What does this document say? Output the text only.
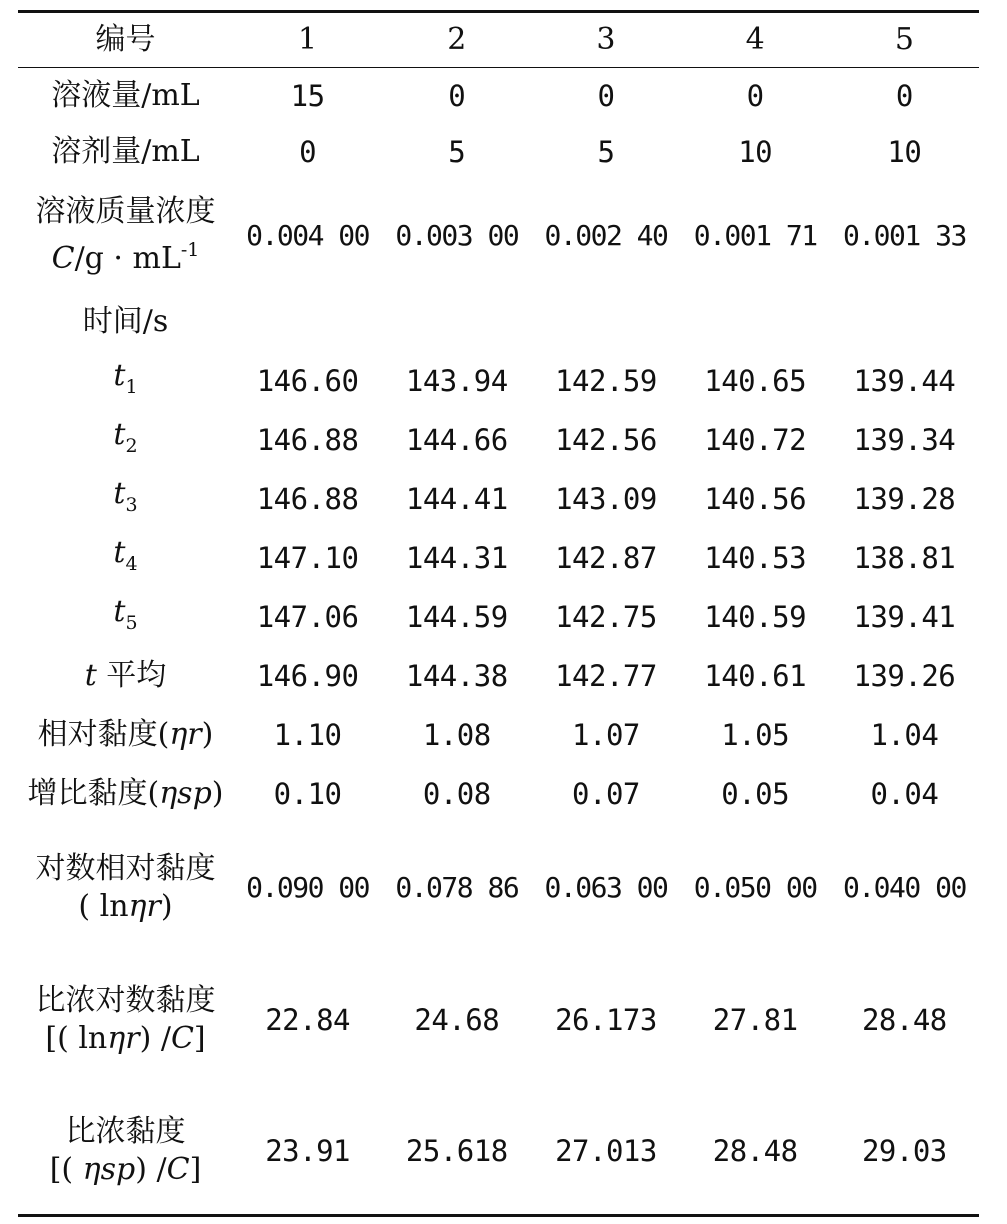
编号	1	2	3	4	5
溶液量/mL	15	0	0	0	0
溶剂量/mL	0	5	5	10	10

溶液质量浓度
$C/g \cdot mL^{-1}$	0.004 00	0.003 00	0.002 40	0.001 71	0.001 33
时间/s					
$t_1$	146.60	143.94	142.59	140.65	139.44
$t_2$	146.88	144.66	142.56	140.72	139.34
$t_3$	146.88	144.41	143.09	140.56	139.28
$t_4$	147.10	144.31	142.87	140.53	138.81
$t_5$	147.06	144.59	142.75	140.59	139.41
t 平均	146.90	144.38	142.77	140.61	139.26
相对黏度(ηr)	1.10	1.08	1.07	1.05	1.04
增比黏度(ηsp)	0.10	0.08	0.07	0.05	0.04

对数相对黏度
( lnηr)	0.090 00	0.078 86	0.063 00	0.050 00	0.040 00

比浓对数黏度
[( lnηr) /C]	22.84	24.68	26.173	27.81	28.48

比浓黏度
[( ηsp) /C]	23.91	25.618	27.013	28.48	29.03
